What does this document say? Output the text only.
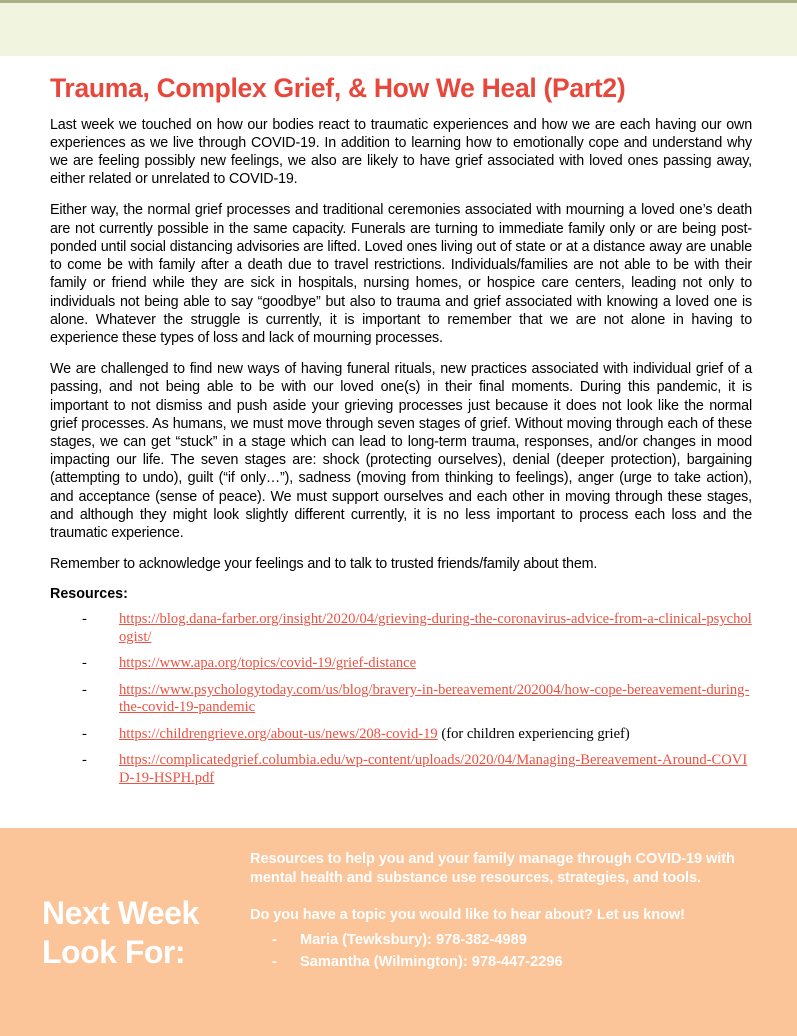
Trauma, Complex Grief, & How We Heal (Part2)

Last week we touched on how our bodies react to traumatic experiences and how we are each having our own experiences as we live through COVID-19. In addition to learning how to emotionally cope and understand why we are feeling possibly new feelings, we also are likely to have grief associated with loved ones passing away, either related or unrelated to COVID-19.

Either way, the normal grief processes and traditional ceremonies associated with mourning a loved one’s death are not currently possible in the same capacity. Funerals are turning to immediate family only or are being post-ponded until social distancing advisories are lifted. Loved ones living out of state or at a distance away are unable to come be with family after a death due to travel restrictions. Individuals/families are not able to be with their family or friend while they are sick in hospitals, nursing homes, or hospice care centers, leading not only to individuals not being able to say “goodbye” but also to trauma and grief associated with knowing a loved one is alone. Whatever the struggle is currently, it is important to remember that we are not alone in having to experience these types of loss and lack of mourning processes.

We are challenged to find new ways of having funeral rituals, new practices associated with individual grief of a passing, and not being able to be with our loved one(s) in their final moments. During this pandemic, it is important to not dismiss and push aside your grieving processes just because it does not look like the normal grief processes. As humans, we must move through seven stages of grief. Without moving through each of these stages, we can get “stuck” in a stage which can lead to long-term trauma, responses, and/or changes in mood impacting our life. The seven stages are: shock (protecting ourselves), denial (deeper protection), bargaining (attempting to undo), guilt (“if only…”), sadness (moving from thinking to feelings), anger (urge to take action), and acceptance (sense of peace). We must support ourselves and each other in moving through these stages, and although they might look slightly different currently, it is no less important to process each loss and the traumatic experience.

Remember to acknowledge your feelings and to talk to trusted friends/family about them.

Resources:
- https://blog.dana-farber.org/insight/2020/04/grieving-during-the-coronavirus-advice-from-a-clinical-psychologist/
- https://www.apa.org/topics/covid-19/grief-distance
- https://www.psychologytoday.com/us/blog/bravery-in-bereavement/202004/how-cope-bereavement-during-the-covid-19-pandemic
- https://childrengrieve.org/about-us/news/208-covid-19 (for children experiencing grief)
- https://complicatedgrief.columbia.edu/wp-content/uploads/2020/04/Managing-Bereavement-Around-COVID-19-HSPH.pdf
Next Week
Look For:
Resources to help you and your family manage through COVID-19 with mental health and substance use resources, strategies, and tools.
Do you have a topic you would like to hear about? Let us know!
- Maria (Tewksbury): 978-382-4989
- Samantha (Wilmington): 978-447-2296
